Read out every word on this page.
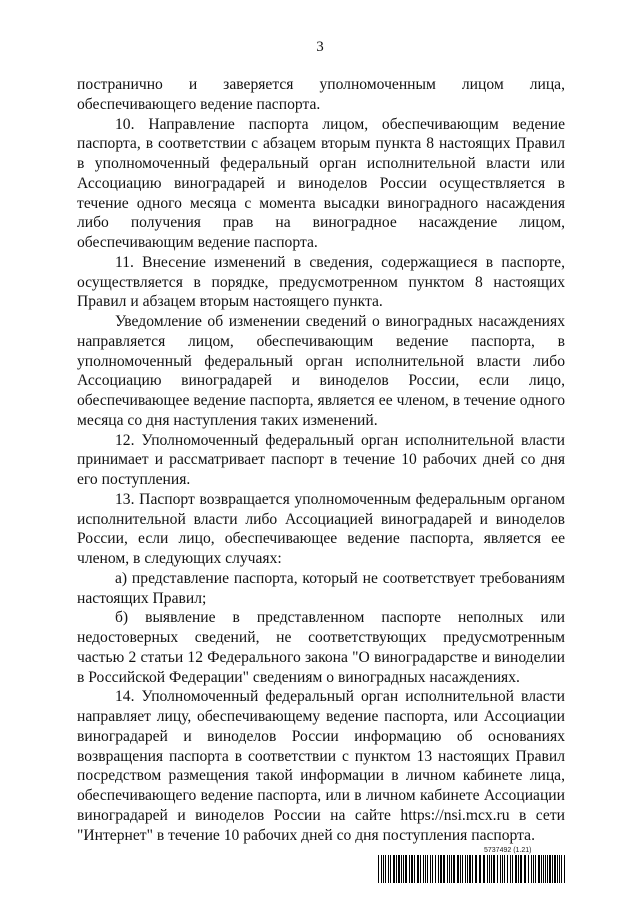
3

постранично и заверяется уполномоченным лицом лица, обеспечивающего ведение паспорта.

10. Направление паспорта лицом, обеспечивающим ведение паспорта, в соответствии с абзацем вторым пункта 8 настоящих Правил в уполномоченный федеральный орган исполнительной власти или Ассоциацию виноградарей и виноделов России осуществляется в течение одного месяца с момента высадки виноградного насаждения либо получения прав на виноградное насаждение лицом, обеспечивающим ведение паспорта.

11. Внесение изменений в сведения, содержащиеся в паспорте, осуществляется в порядке, предусмотренном пунктом 8 настоящих Правил и абзацем вторым настоящего пункта.

Уведомление об изменении сведений о виноградных насаждениях направляется лицом, обеспечивающим ведение паспорта, в уполномоченный федеральный орган исполнительной власти либо Ассоциацию виноградарей и виноделов России, если лицо, обеспечивающее ведение паспорта, является ее членом, в течение одного месяца со дня наступления таких изменений.

12. Уполномоченный федеральный орган исполнительной власти принимает и рассматривает паспорт в течение 10 рабочих дней со дня его поступления.

13. Паспорт возвращается уполномоченным федеральным органом исполнительной власти либо Ассоциацией виноградарей и виноделов России, если лицо, обеспечивающее ведение паспорта, является ее членом, в следующих случаях:

а) представление паспорта, который не соответствует требованиям настоящих Правил;

б) выявление в представленном паспорте неполных или недостоверных сведений, не соответствующих предусмотренным частью 2 статьи 12 Федерального закона "О виноградарстве и виноделии в Российской Федерации" сведениям о виноградных насаждениях.

14. Уполномоченный федеральный орган исполнительной власти направляет лицу, обеспечивающему ведение паспорта, или Ассоциации виноградарей и виноделов России информацию об основаниях возвращения паспорта в соответствии с пунктом 13 настоящих Правил посредством размещения такой информации в личном кабинете лица, обеспечивающего ведение паспорта, или в личном кабинете Ассоциации виноградарей и виноделов России на сайте https://nsi.mcx.ru в сети "Интернет" в течение 10 рабочих дней со дня поступления паспорта.

5737492 (1.21)
